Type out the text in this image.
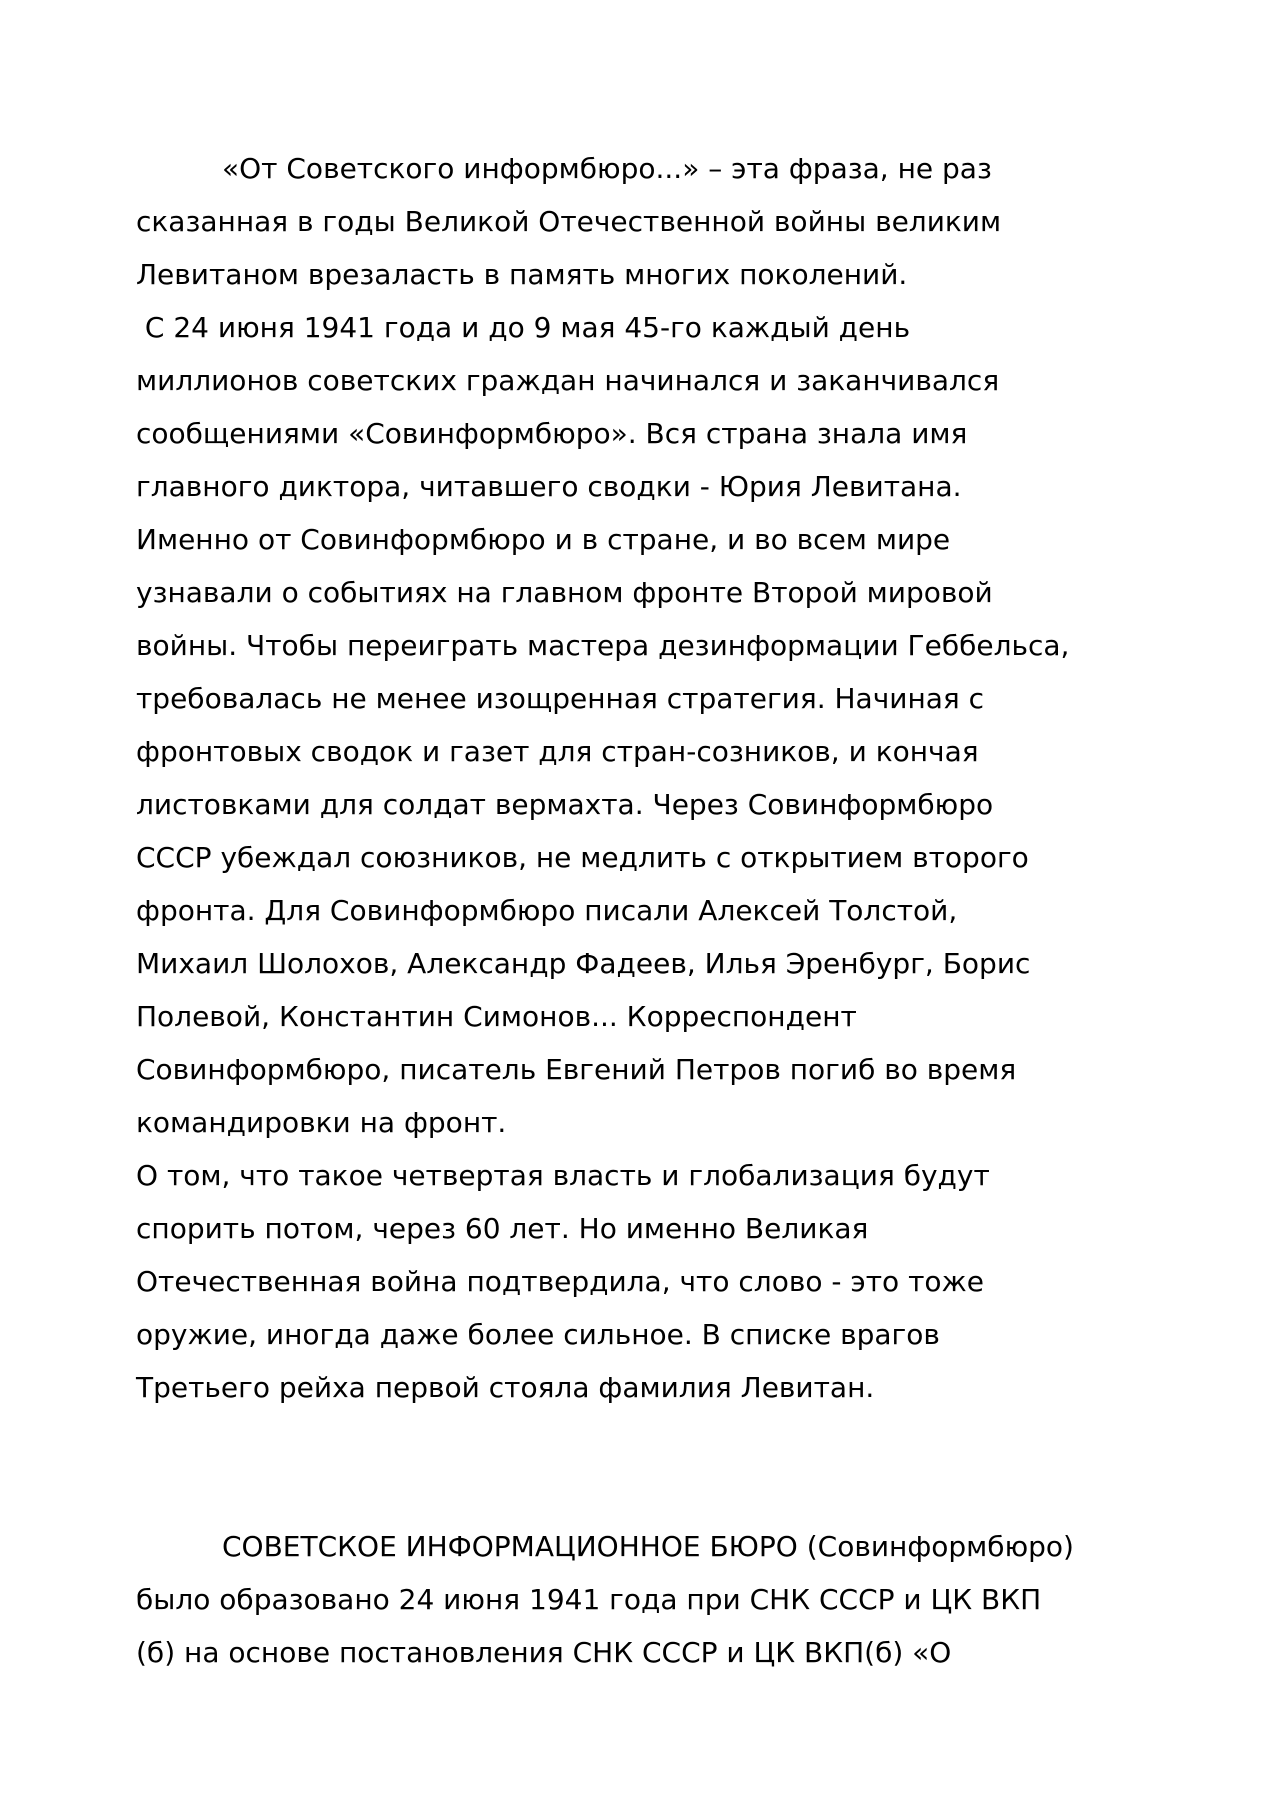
«От Советского информбюро...» – эта фраза, не раз
сказанная в годы Великой Отечественной войны великим
Левитаном врезаласть в память многих поколений.
С 24 июня 1941 года и до 9 мая 45-го каждый день
миллионов советских граждан начинался и заканчивался
сообщениями «Совинформбюро». Вся страна знала имя
главного диктора, читавшего сводки - Юрия Левитана.
Именно от Совинформбюро и в стране, и во всем мире
узнавали о событиях на главном фронте Второй мировой
войны. Чтобы переиграть мастера дезинформации Геббельса,
требовалась не менее изощренная стратегия. Начиная с
фронтовых сводок и газет для стран-созников, и кончая
листовками для солдат вермахта. Через Совинформбюро
СССР убеждал союзников, не медлить с открытием второго
фронта. Для Совинформбюро писали Алексей Толстой,
Михаил Шолохов, Александр Фадеев, Илья Эренбург, Борис
Полевой, Константин Симонов... Корреспондент
Совинформбюро, писатель Евгений Петров погиб во время
командировки на фронт.
О том, что такое четвертая власть и глобализация будут
спорить потом, через 60 лет. Но именно Великая
Отечественная война подтвердила, что слово - это тоже
оружие, иногда даже более сильное. В списке врагов
Третьего рейха первой стояла фамилия Левитан.
СОВЕТСКОЕ ИНФОРМАЦИОННОЕ БЮРО (Совинформбюро)
было образовано 24 июня 1941 года при СНК СССР и ЦК ВКП
(б) на основе постановления СНК СССР и ЦК ВКП(б) «О
